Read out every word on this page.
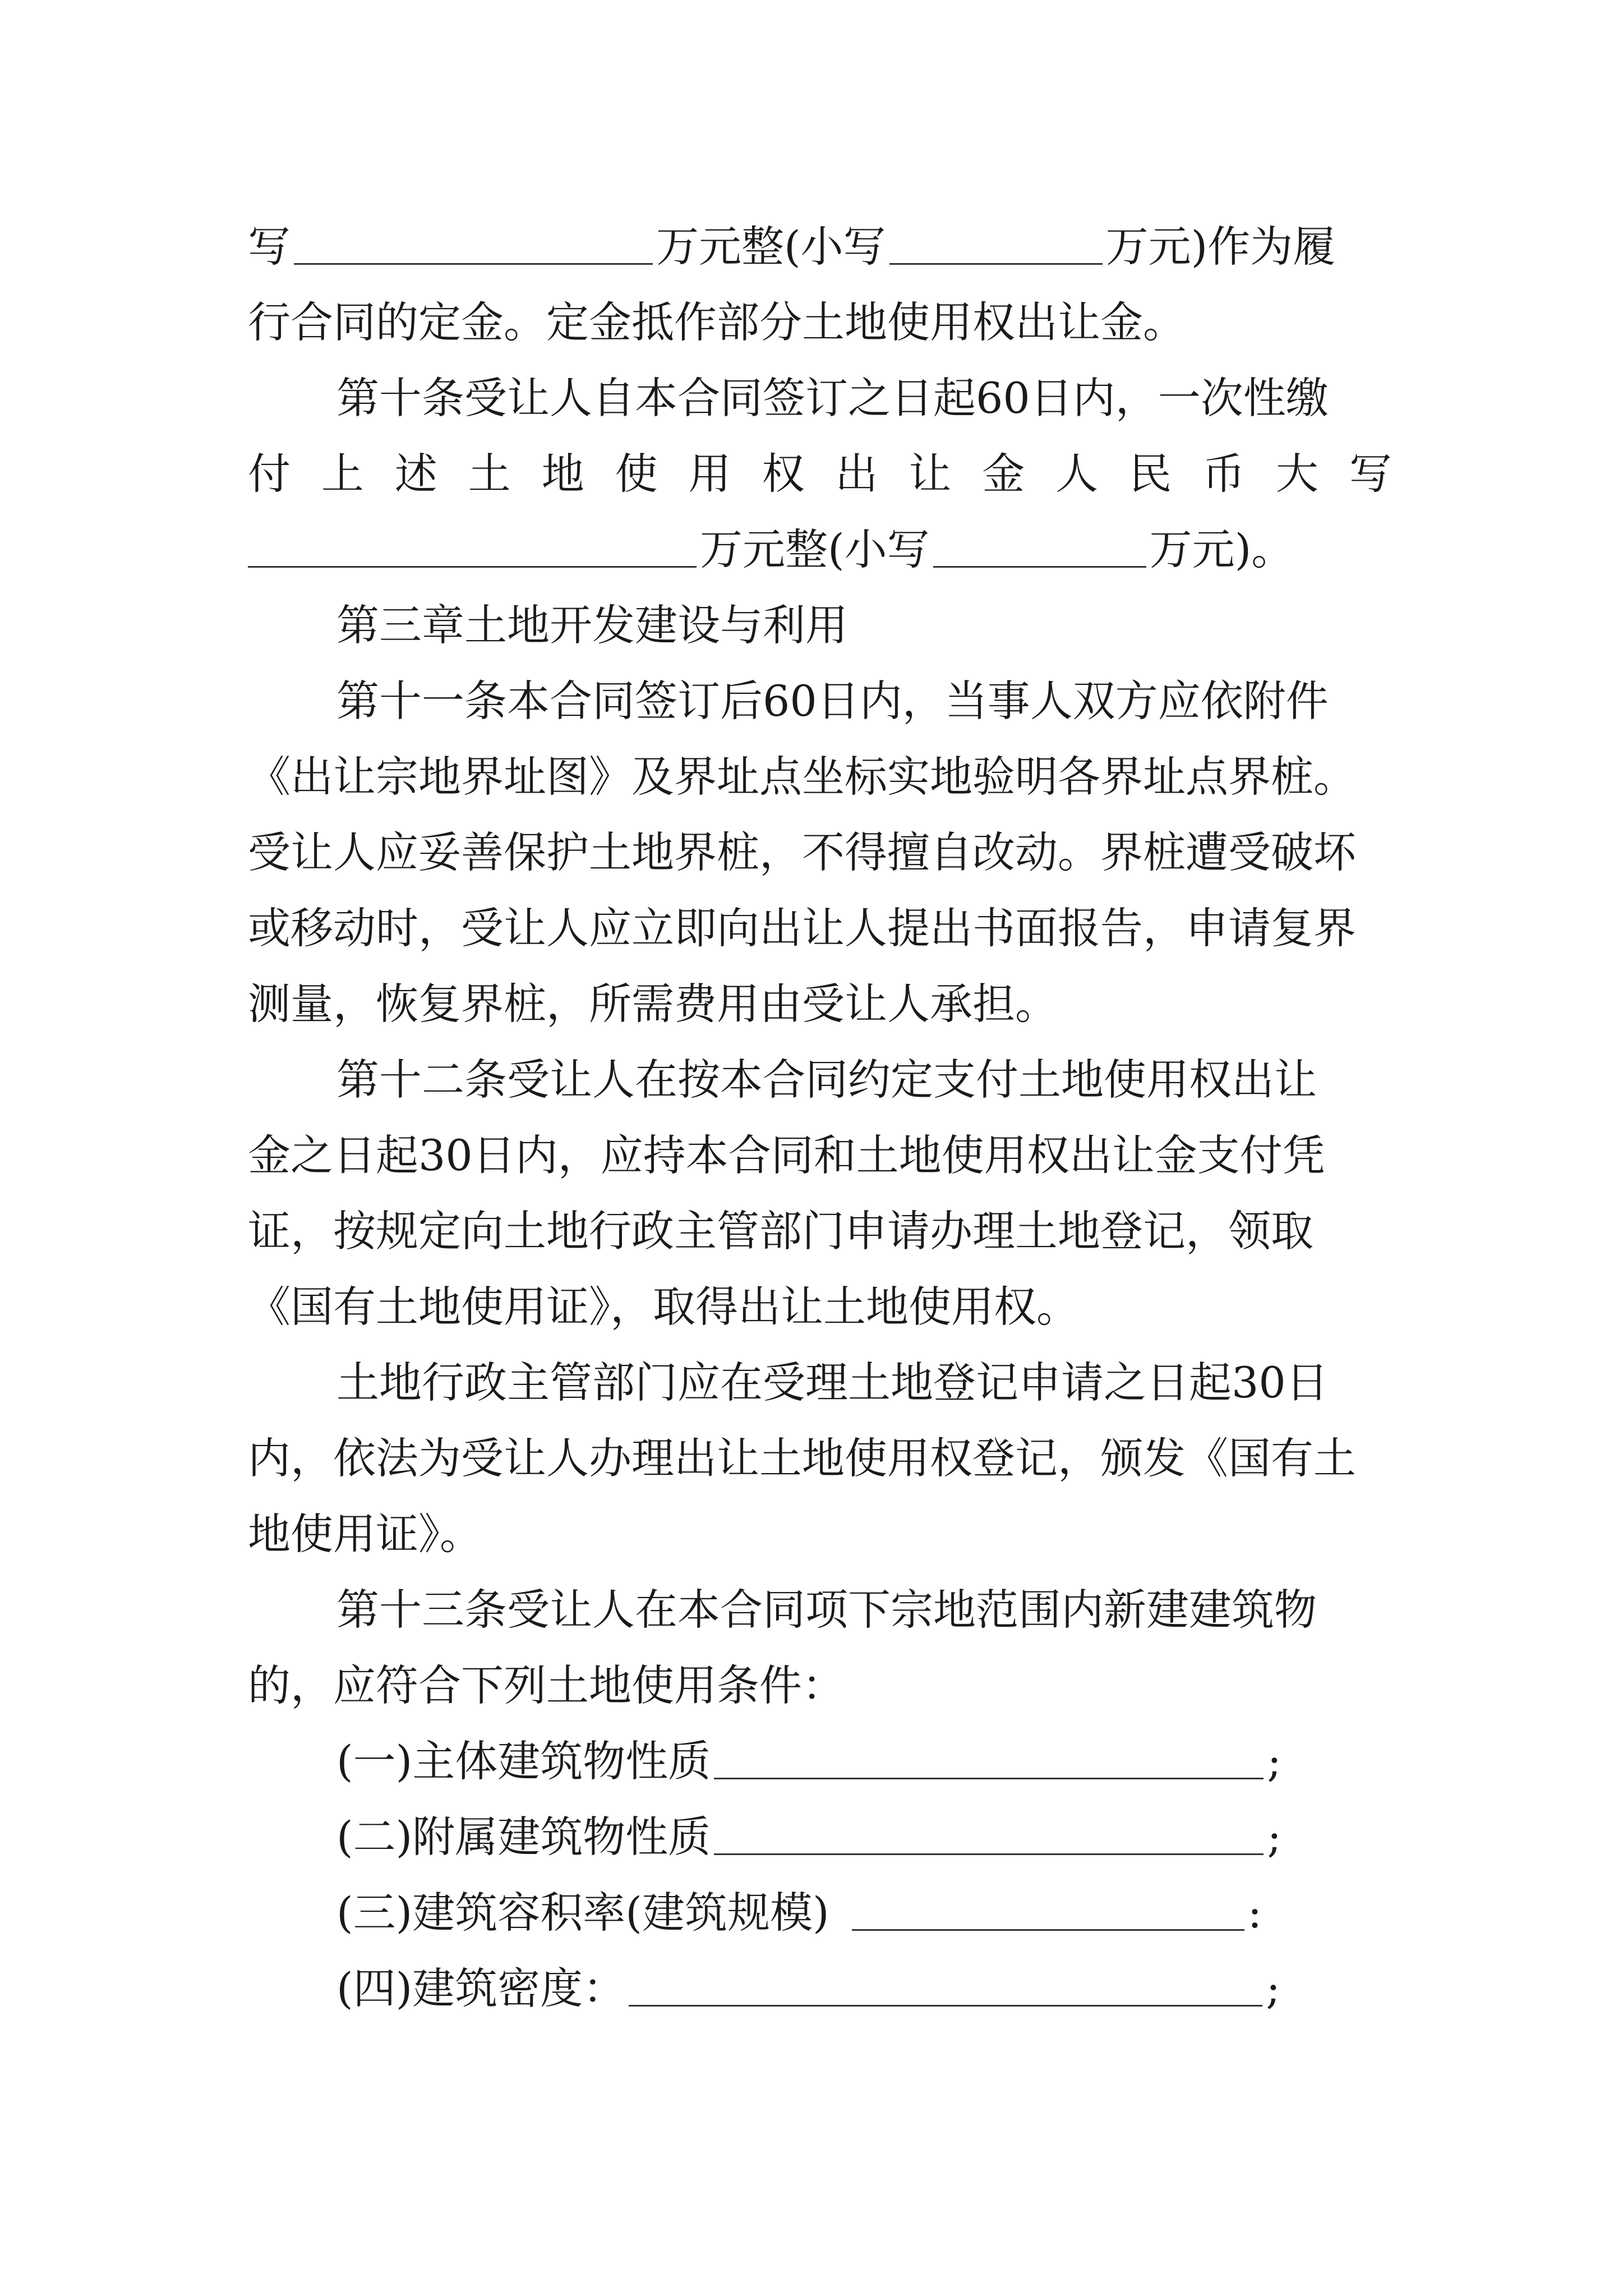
写	万元整(小写	万元)作为履
行合同的定金。定金抵作部分土地使用权出让金。
第十条受让人自本合同签订之日起60日内，一次性缴
付 上 述 土 地 使 用 权 出 让 金 人 民 币 大 写
万元整(小写	万元)。
第三章土地开发建设与利用
第十一条本合同签订后60日内，当事人双方应依附件
《出让宗地界址图》及界址点坐标实地验明各界址点界桩。
受让人应妥善保护土地界桩，不得擅自改动。界桩遭受破坏
或移动时，受让人应立即向出让人提出书面报告，申请复界
测量，恢复界桩，所需费用由受让人承担。
第十二条受让人在按本合同约定支付土地使用权出让
金之日起30日内，应持本合同和土地使用权出让金支付凭
证，按规定向土地行政主管部门申请办理土地登记，领取
《国有土地使用证》，取得出让土地使用权。
土地行政主管部门应在受理土地登记申请之日起30日
内，依法为受让人办理出让土地使用权登记，颁发《国有土
地使用证》。
第十三条受让人在本合同项下宗地范围内新建建筑物
的，应符合下列土地使用条件：
(一)主体建筑物性质	;
(二)附属建筑物性质	;
(三)建筑容积率(建筑规模)	:
(四)建筑密度：	;
